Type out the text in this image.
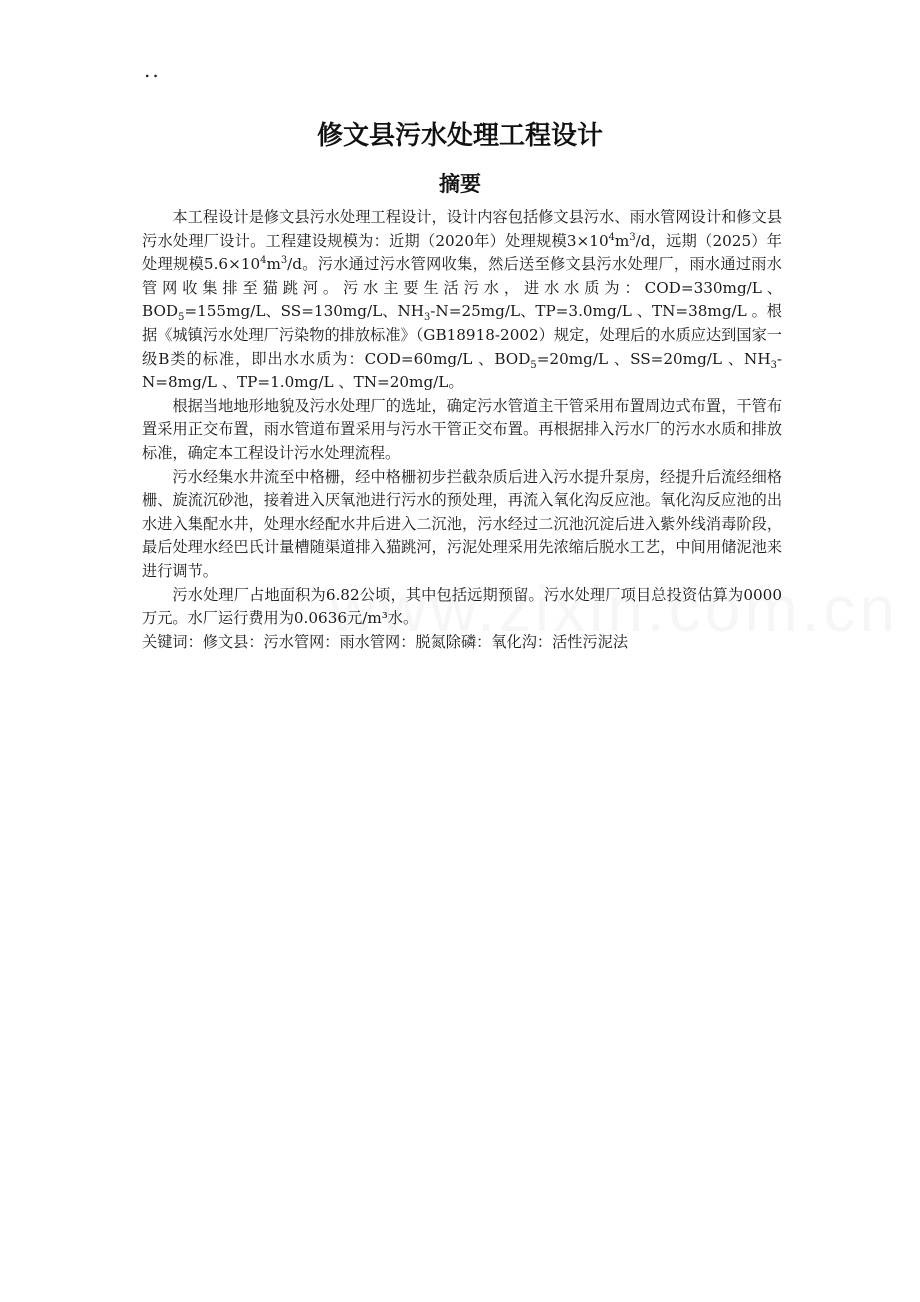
..
修文县污水处理工程设计
摘要

本工程设计是修文县污水处理工程设计，设计内容包括修文县污水、雨水管网设计和修文县污水处理厂设计。工程建设规模为：近期（2020年）处理规模$3\times 10^4m^3/d$，远期（2025）年处理规模$5.6\times 10^4m^3/d$。污水通过污水管网收集，然后送至修文县污水处理厂，雨水通过雨水管网收集排至猫跳河。污水主要生活污水，进水水质为：COD=330mg/L、$BOD_5=155mg/L$、SS=130mg/L、$NH_3-N=25mg/L$、TP=3.0mg/L 、TN=38mg/L 。根据《城镇污水处理厂污染物的排放标准》（GB18918-2002）规定，处理后的水质应达到国家一级B类的标准，即出水水质为：COD=60mg/L 、$BOD_5=20mg/L$ 、SS=20mg/L 、$NH_3-N=8mg/L$ 、TP=1.0mg/L 、TN=20mg/L。

根据当地地形地貌及污水处理厂的选址，确定污水管道主干管采用布置周边式布置，干管布置采用正交布置，雨水管道布置采用与污水干管正交布置。再根据排入污水厂的污水水质和排放标准，确定本工程设计污水处理流程。

污水经集水井流至中格栅，经中格栅初步拦截杂质后进入污水提升泵房，经提升后流经细格栅、旋流沉砂池，接着进入厌氧池进行污水的预处理，再流入氧化沟反应池。氧化沟反应池的出水进入集配水井，处理水经配水井后进入二沉池，污水经过二沉池沉淀后进入紫外线消毒阶段，最后处理水经巴氏计量槽随渠道排入猫跳河，污泥处理采用先浓缩后脱水工艺，中间用储泥池来进行调节。

污水处理厂占地面积为6.82公顷，其中包括远期预留。污水处理厂项目总投资估算为0000万元。水厂运行费用为0.0636元/m³水。

关键词：修文县：污水管网：雨水管网：脱氮除磷：氧化沟：活性污泥法
